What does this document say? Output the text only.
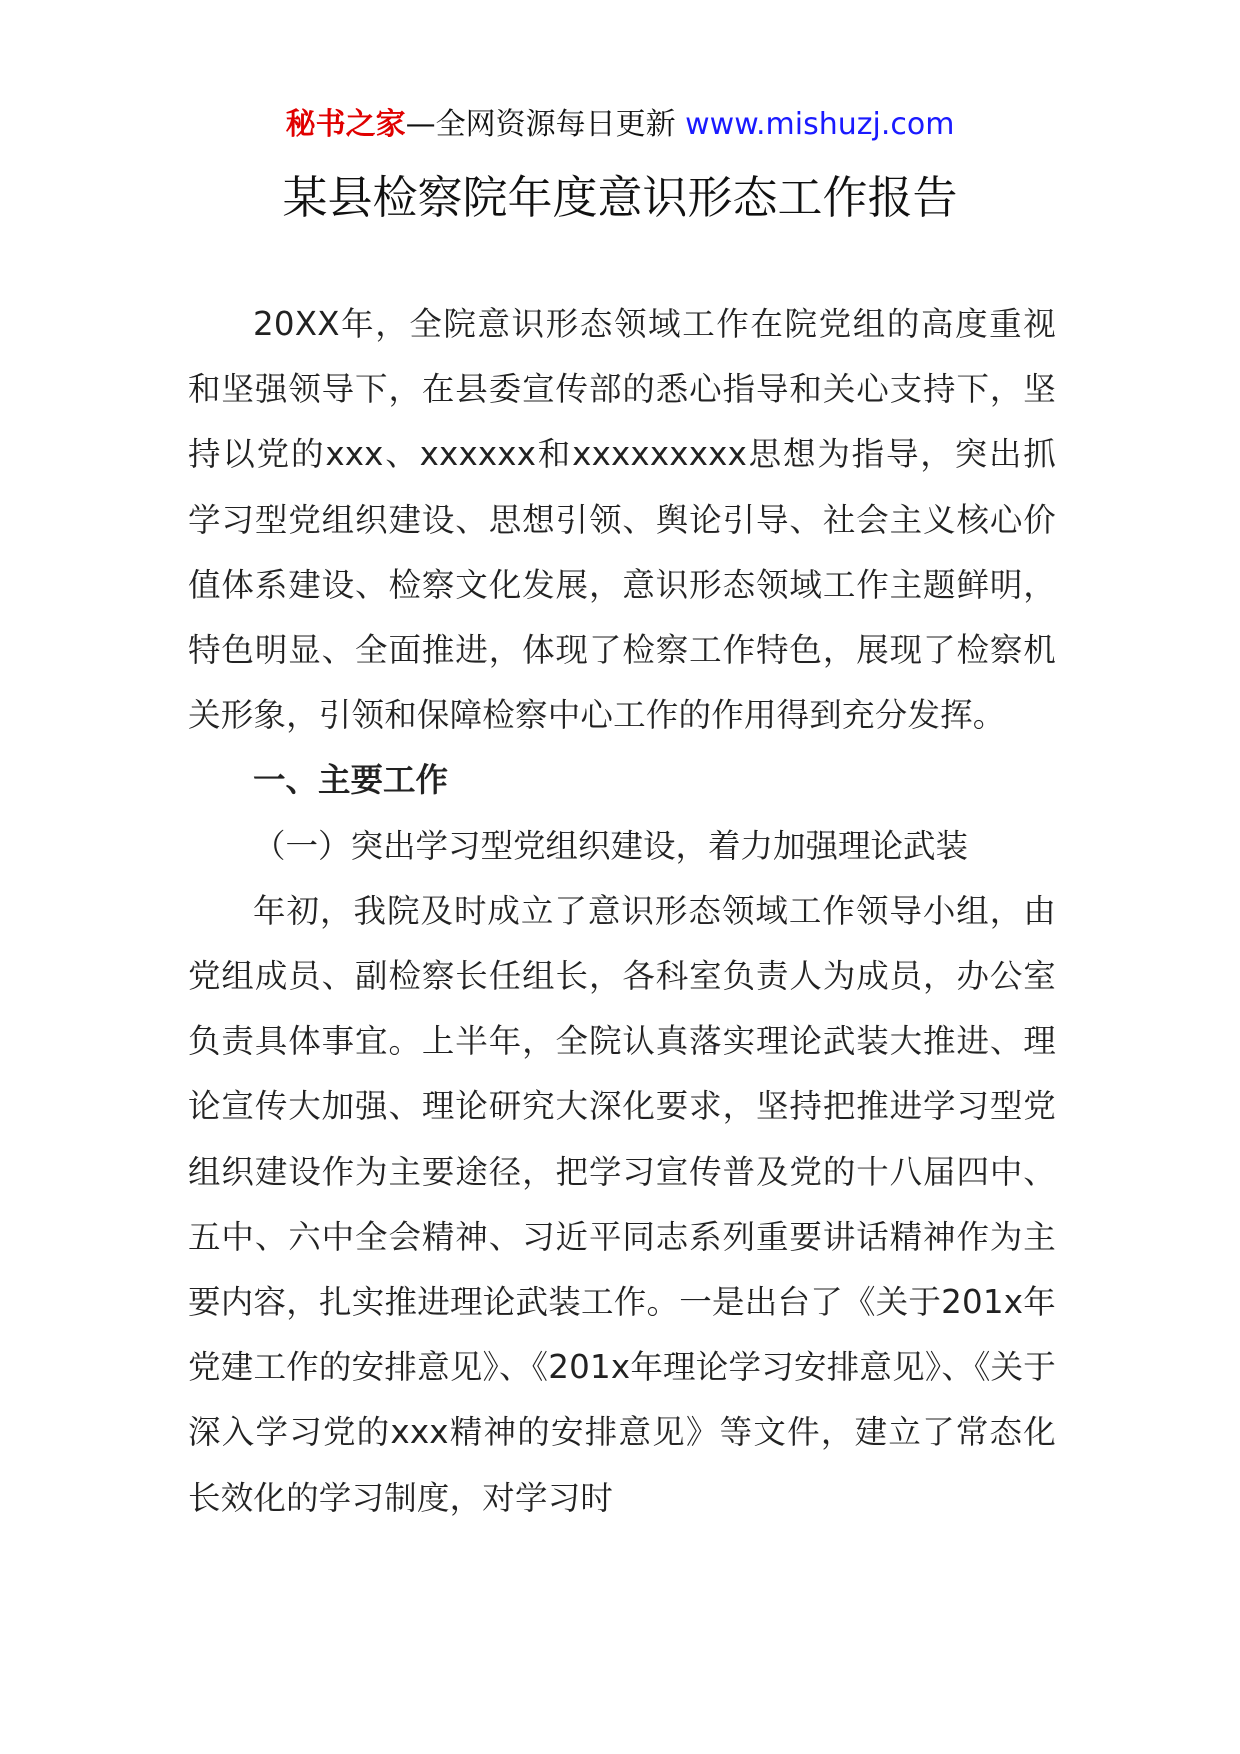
秘书之家—全网资源每日更新 www.mishuzj.com
某县检察院年度意识形态工作报告

20XX年，全院意识形态领域工作在院党组的高度重视和坚强领导下，在县委宣传部的悉心指导和关心支持下，坚持以党的xxx、xxxxxx和xxxxxxxxx思想为指导，突出抓学习型党组织建设、思想引领、舆论引导、社会主义核心价值体系建设、检察文化发展，意识形态领域工作主题鲜明，特色明显、全面推进，体现了检察工作特色，展现了检察机关形象，引领和保障检察中心工作的作用得到充分发挥。

一、主要工作

（一）突出学习型党组织建设，着力加强理论武装

年初，我院及时成立了意识形态领域工作领导小组，由党组成员、副检察长任组长，各科室负责人为成员，办公室负责具体事宜。上半年，全院认真落实理论武装大推进、理论宣传大加强、理论研究大深化要求，坚持把推进学习型党组织建设作为主要途径，把学习宣传普及党的十八届四中、五中、六中全会精神、习近平同志系列重要讲话精神作为主要内容，扎实推进理论武装工作。一是出台了《关于201x年党建工作的安排意见》、《201x年理论学习安排意见》、《关于深入学习党的xxx精神的安排意见》等文件，建立了常态化长效化的学习制度，对学习时
